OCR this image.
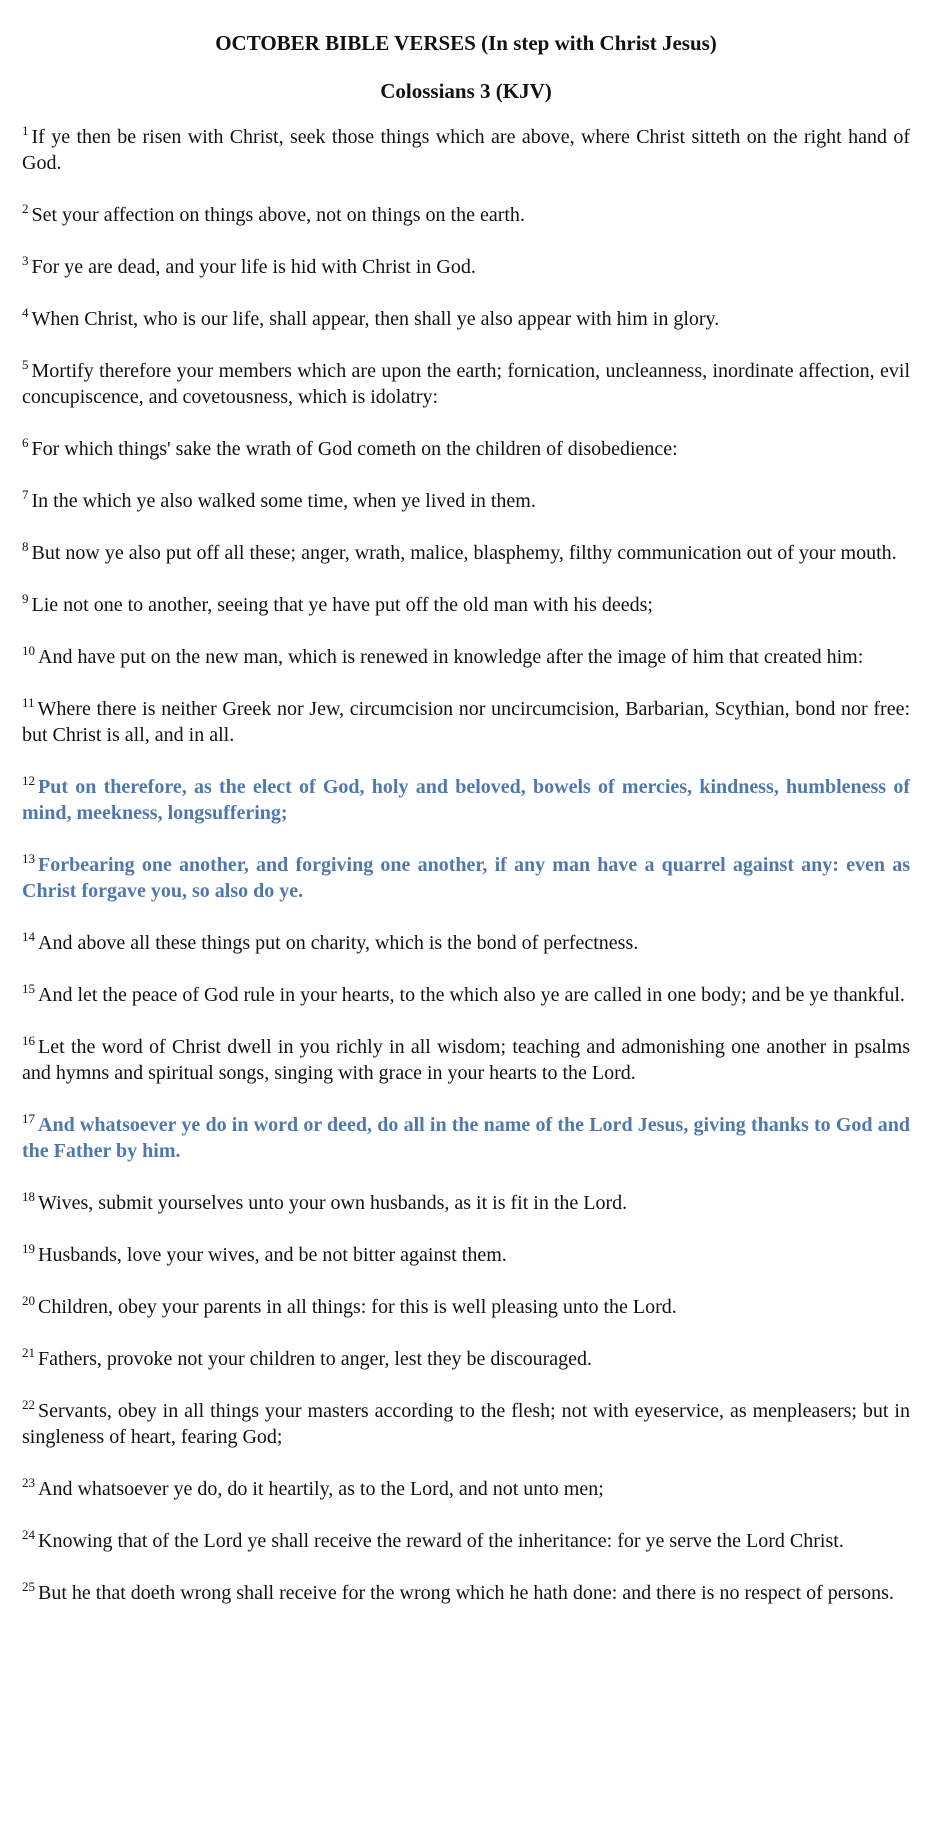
OCTOBER BIBLE VERSES (In step with Christ Jesus)
Colossians 3 (KJV)

$^1$ If ye then be risen with Christ, seek those things which are above, where Christ sitteth on the right hand of God.

$^2$ Set your affection on things above, not on things on the earth.

$^3$ For ye are dead, and your life is hid with Christ in God.

$^4$ When Christ, who is our life, shall appear, then shall ye also appear with him in glory.

$^5$ Mortify therefore your members which are upon the earth; fornication, uncleanness, inordinate affection, evil concupiscence, and covetousness, which is idolatry:

$^6$ For which things' sake the wrath of God cometh on the children of disobedience:

$^7$ In the which ye also walked some time, when ye lived in them.

$^8$ But now ye also put off all these; anger, wrath, malice, blasphemy, filthy communication out of your mouth.

$^9$ Lie not one to another, seeing that ye have put off the old man with his deeds;

$^{10}$ And have put on the new man, which is renewed in knowledge after the image of him that created him:

$^{11}$ Where there is neither Greek nor Jew, circumcision nor uncircumcision, Barbarian, Scythian, bond nor free: but Christ is all, and in all.

$^{12}$ Put on therefore, as the elect of God, holy and beloved, bowels of mercies, kindness, humbleness of mind, meekness, longsuffering;

$^{13}$ Forbearing one another, and forgiving one another, if any man have a quarrel against any: even as Christ forgave you, so also do ye.

$^{14}$ And above all these things put on charity, which is the bond of perfectness.

$^{15}$ And let the peace of God rule in your hearts, to the which also ye are called in one body; and be ye thankful.

$^{16}$ Let the word of Christ dwell in you richly in all wisdom; teaching and admonishing one another in psalms and hymns and spiritual songs, singing with grace in your hearts to the Lord.

$^{17}$ And whatsoever ye do in word or deed, do all in the name of the Lord Jesus, giving thanks to God and the Father by him.

$^{18}$ Wives, submit yourselves unto your own husbands, as it is fit in the Lord.

$^{19}$ Husbands, love your wives, and be not bitter against them.

$^{20}$ Children, obey your parents in all things: for this is well pleasing unto the Lord.

$^{21}$ Fathers, provoke not your children to anger, lest they be discouraged.

$^{22}$ Servants, obey in all things your masters according to the flesh; not with eyeservice, as menpleasers; but in singleness of heart, fearing God;

$^{23}$ And whatsoever ye do, do it heartily, as to the Lord, and not unto men;

$^{24}$ Knowing that of the Lord ye shall receive the reward of the inheritance: for ye serve the Lord Christ.

$^{25}$ But he that doeth wrong shall receive for the wrong which he hath done: and there is no respect of persons.
